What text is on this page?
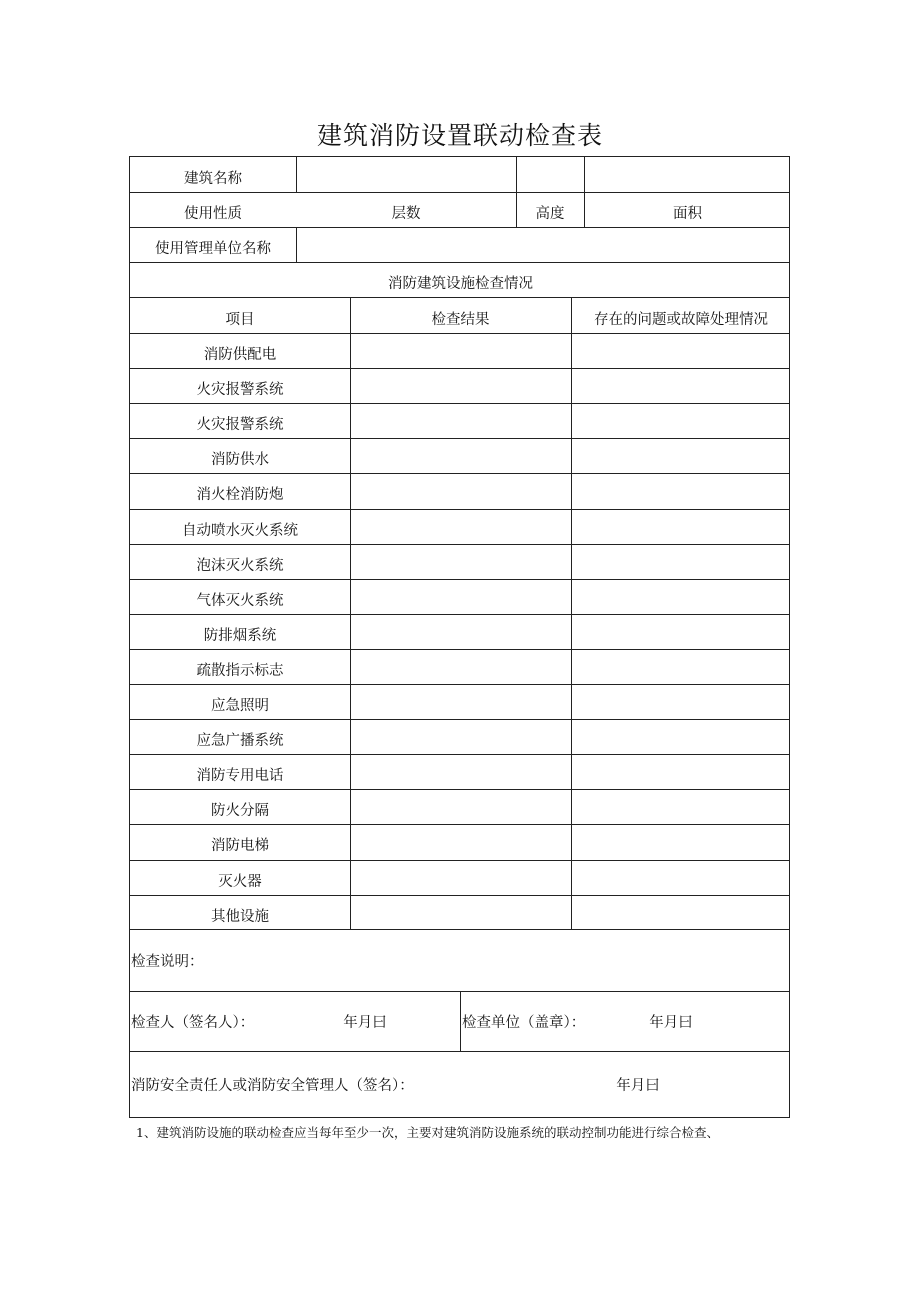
建筑消防设置联动检查表
建筑名称
使用性质	层数	高度	面积
使用管理单位名称
消防建筑设施检查情况
项目	检查结果	存在的问题或故障处理情况
消防供配电
火灾报警系统
火灾报警系统
消防供水
消火栓消防炮
自动喷水灭火系统
泡沫灭火系统
气体灭火系统
防排烟系统
疏散指示标志
应急照明
应急广播系统
消防专用电话
防火分隔
消防电梯
灭火器
其他设施
检查说明：
检查人（签名人）：	年月曰	检查单位（盖章）：	年月曰
消防安全责任人或消防安全管理人（签名）：	年月曰
1、建筑消防设施的联动检查应当每年至少一次，主要对建筑消防设施系统的联动控制功能进行综合检查、
